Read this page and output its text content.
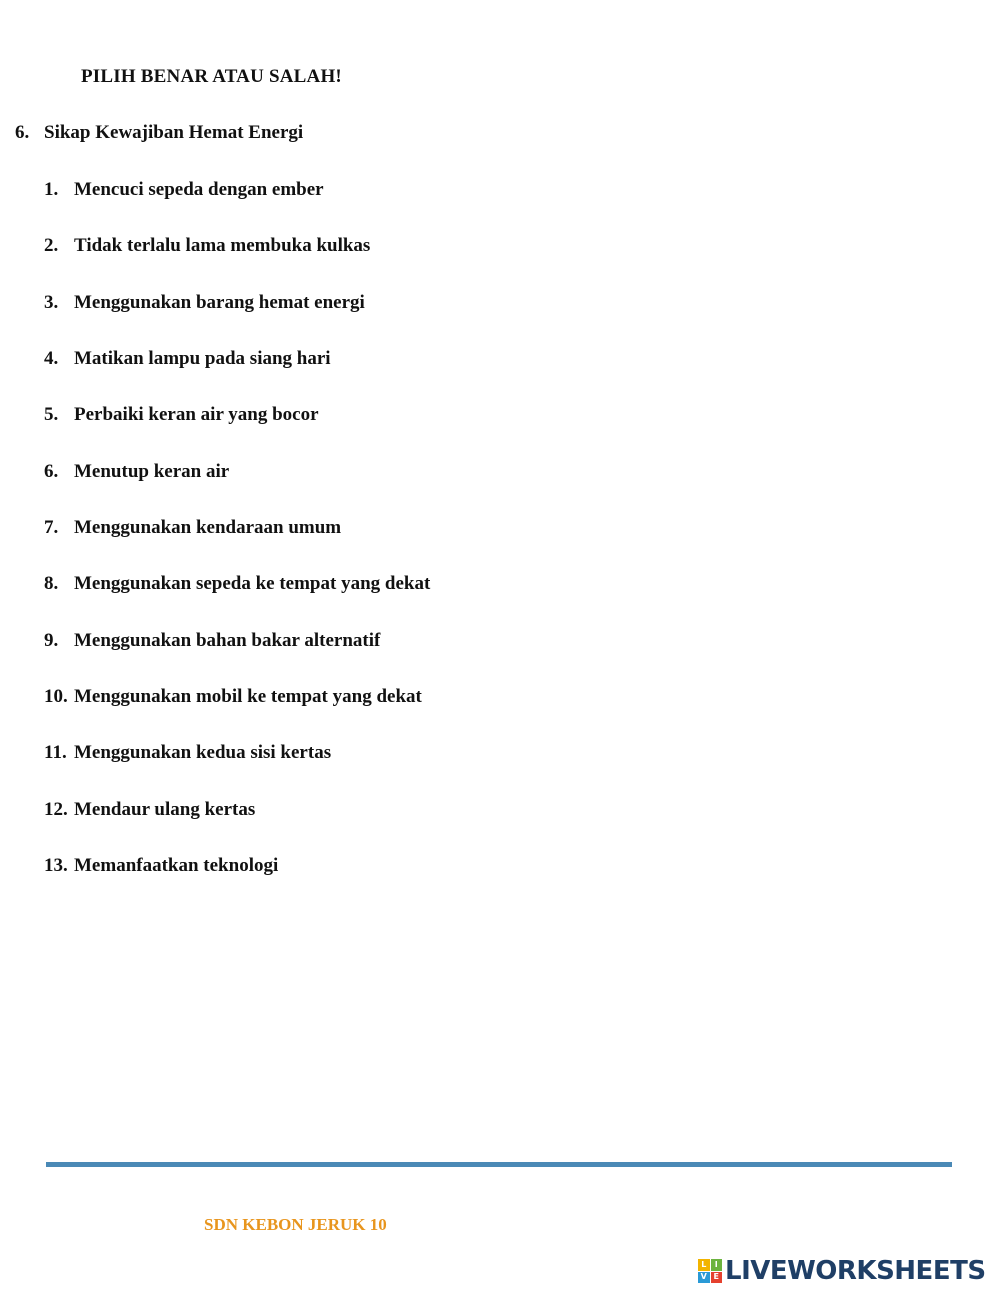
PILIH BENAR ATAU SALAH!
6. Sikap Kewajiban Hemat Energi
1. Mencuci sepeda dengan ember
2. Tidak terlalu lama membuka kulkas
3. Menggunakan barang hemat energi
4. Matikan lampu pada siang hari
5. Perbaiki keran air yang bocor
6. Menutup keran air
7. Menggunakan kendaraan umum
8. Menggunakan sepeda ke tempat yang dekat
9. Menggunakan bahan bakar alternatif
10. Menggunakan mobil ke tempat yang dekat
11. Menggunakan kedua sisi kertas
12. Mendaur ulang kertas
13. Memanfaatkan teknologi
SDN KEBON JERUK 10
L	I
V E LIVEWORKSHEETS
